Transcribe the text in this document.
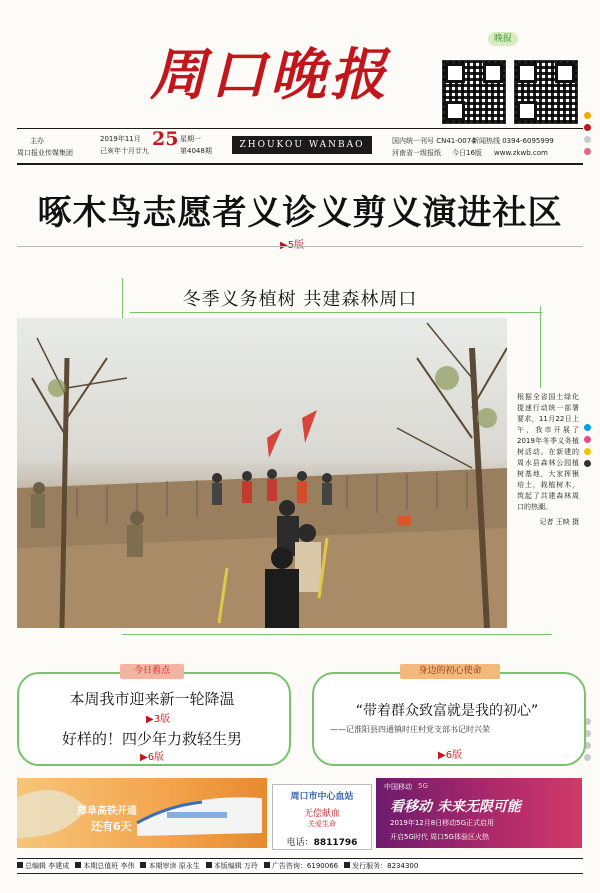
周口晚报
晚报
主办
周口报业传媒集团
2019年11月 25 星期一
己亥年十月廿九	第4048期
ZHOUKOU WANBAO	国内统一刊号 CN41-0074
新闻热线 0394-6095999
河南省一级报纸 今日16版 www.zkwb.com
啄木鸟志愿者义诊义剪义演进社区
冬季义务植树 共建森林周口
根据全省国土绿化提速行动统一部署要求，11月22日上午，我市开展了2019年冬季义务植树活动。在新建的周水县森林公园植树基地，大家挥锹培土，栽植树木，筑起了共建森林周口的热潮。
记者 王映 摄
今日看点
本周我市迎来新一轮降温
▶3版
好样的！四少年力救轻生男
▶6版
身边的初心使命
“带着群众致富就是我的初心”
——记淮阳县四通镇时庄村党支部书记时兴荣
▶6版
郑阜高铁开通
还有6天
周口市中心血站
无偿献血
关爱生命
电话：8811796
中国移动 5G
看移动 未来无限可能
2019年12月8日移动5G正式启用
开启5G时代 周口5G体验区火热
总编辑 李建成	本期总值班 李伟	本期审读 原永生	本版编辑 万玲	广告咨询：6190066	发行服务：8234300
